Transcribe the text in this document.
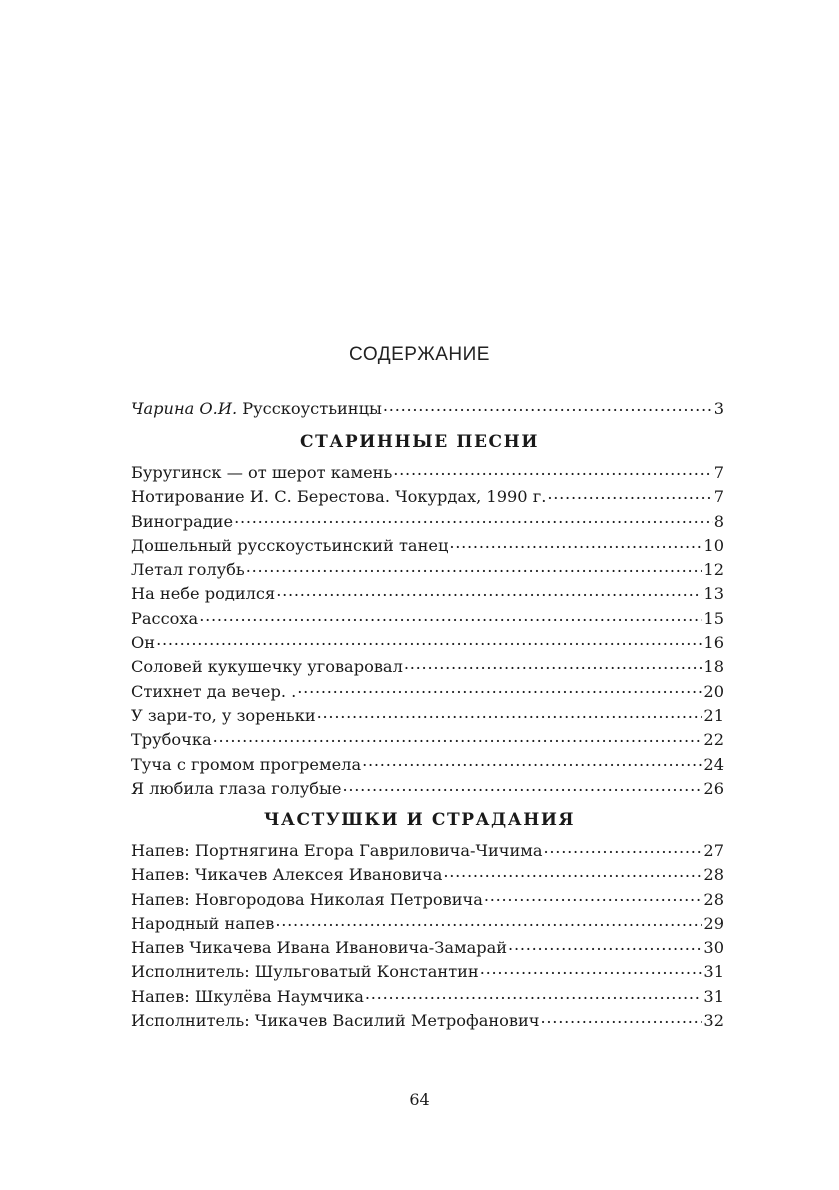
СОДЕРЖАНИЕ
Чарина О.И. Русскоустьинцы . . .	3
СТАРИННЫЕ ПЕСНИ
Буругинск — от шерот камень . . .	7
Нотирование И. С. Берестова. Чокурдах, 1990 г. . . .	7
Виноградие . . .	8
Дошельный русскоустьинский танец . . .	10
Летал голубь . . .	12
На небе родился . . .	13
Рассоха . . .	15
Он . . .	16
Соловей кукушечку уговаровал . . .	18
Стихнет да вечер. . . . .	20
У зари-то, у зореньки . . .	21
Трубочка . . .	22
Туча с громом прогремела . . .	24
Я любила глаза голубые . . .	26
ЧАСТУШКИ И СТРАДАНИЯ
Напев: Портнягина Егора Гавриловича-Чичима . . .	27
Напев: Чикачев Алексея Ивановича . . .	28
Напев: Новгородова Николая Петровича . . .	28
Народный напев . . .	29
Напев Чикачева Ивана Ивановича-Замарай . . .	30
Исполнитель: Шульговатый Константин . . .	31
Напев: Шкулёва Наумчика . . .	31
Исполнитель: Чикачев Василий Метрофанович . . .	32
64
